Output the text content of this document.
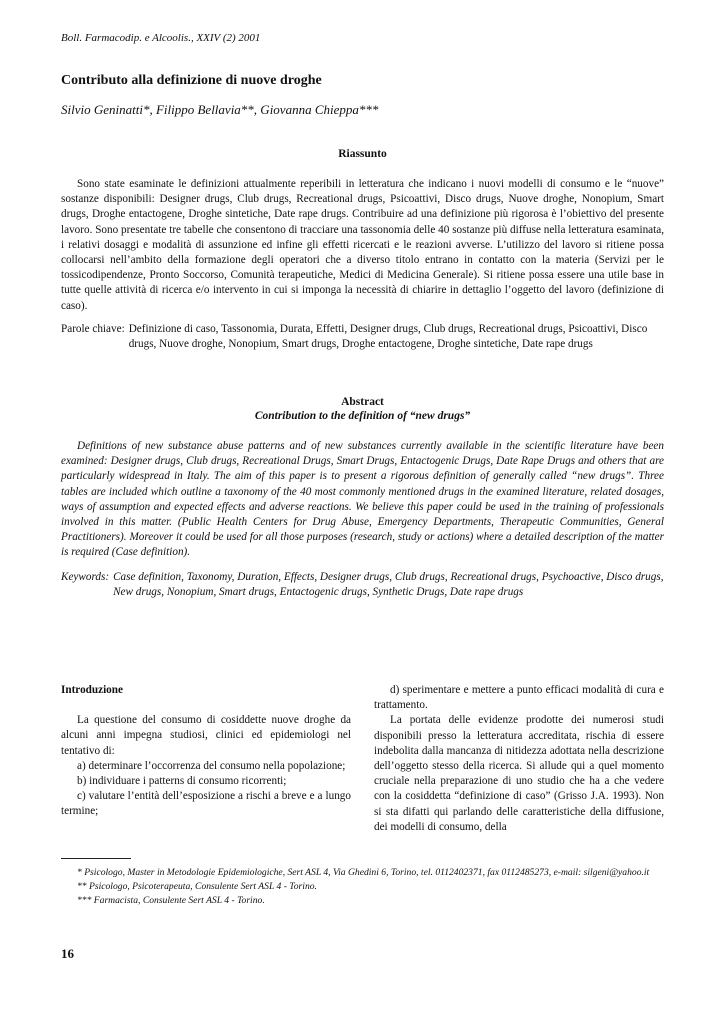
Boll. Farmacodip. e Alcoolis., XXIV (2) 2001
Contributo alla definizione di nuove droghe
Silvio Geninatti*, Filippo Bellavia**, Giovanna Chieppa***
Riassunto

Sono state esaminate le definizioni attualmente reperibili in letteratura che indicano i nuovi modelli di consumo e le “nuove” sostanze disponibili: Designer drugs, Club drugs, Recreational drugs, Psicoattivi, Disco drugs, Nuove droghe, Nonopium, Smart drugs, Droghe entactogene, Droghe sintetiche, Date rape drugs. Contribuire ad una definizione più rigorosa è l’obiettivo del presente lavoro. Sono presentate tre tabelle che consentono di tracciare una tassonomia delle 40 sostanze più diffuse nella letteratura esaminata, i relativi dosaggi e modalità di assunzione ed infine gli effetti ricercati e le reazioni avverse. L’utilizzo del lavoro si ritiene possa collocarsi nell’ambito della formazione degli operatori che a diverso titolo entrano in contatto con la materia (Servizi per le tossicodipendenze, Pronto Soccorso, Comunità terapeutiche, Medici di Medicina Generale). Si ritiene possa essere una utile base in tutte quelle attività di ricerca e/o intervento in cui si imponga la necessità di chiarire in dettaglio l’oggetto del lavoro (definizione di caso).

Parole chiave: Definizione di caso, Tassonomia, Durata, Effetti, Designer drugs, Club drugs, Recreational drugs, Psicoattivi, Disco drugs, Nuove droghe, Nonopium, Smart drugs, Droghe entactogene, Droghe sintetiche, Date rape drugs
Abstract
Contribution to the definition of “new drugs”

Definitions of new substance abuse patterns and of new substances currently available in the scientific literature have been examined: Designer drugs, Club drugs, Recreational Drugs, Smart Drugs, Entactogenic Drugs, Date Rape Drugs and others that are particularly widespread in Italy. The aim of this paper is to present a rigorous definition of generally called “new drugs”. Three tables are included which outline a taxonomy of the 40 most commonly mentioned drugs in the examined literature, related dosages, ways of assumption and expected effects and adverse reactions. We believe this paper could be used in the training of professionals involved in this matter. (Public Health Centers for Drug Abuse, Emergency Departments, Therapeutic Communities, General Practitioners). Moreover it could be used for all those purposes (research, study or actions) where a detailed description of the matter is required (Case definition).

Keywords: Case definition, Taxonomy, Duration, Effects, Designer drugs, Club drugs, Recreational drugs, Psychoactive, Disco drugs, New drugs, Nonopium, Smart drugs, Entactogenic drugs, Synthetic Drugs, Date rape drugs

Introduzione

La questione del consumo di cosiddette nuove droghe da alcuni anni impegna studiosi, clinici ed epidemiologi nel tentativo di:

a) determinare l’occorrenza del consumo nella popolazione;

b) individuare i patterns di consumo ricorrenti;

c) valutare l’entità dell’esposizione a rischi a breve e a lungo termine;

d) sperimentare e mettere a punto efficaci modalità di cura e trattamento.

La portata delle evidenze prodotte dei numerosi studi disponibili presso la letteratura accreditata, rischia di essere indebolita dalla mancanza di nitidezza adottata nella descrizione dell’oggetto stesso della ricerca. Si allude qui a quel momento cruciale nella preparazione di uno studio che ha a che vedere con la cosiddetta “definizione di caso” (Grisso J.A. 1993). Non si sta difatti qui parlando delle caratteristiche della diffusione, dei modelli di consumo, della

* Psicologo, Master in Metodologie Epidemiologiche, Sert ASL 4, Via Ghedini 6, Torino, tel. 0112402371, fax 0112485273, e-mail: silgeni@yahoo.it

** Psicologo, Psicoterapeuta, Consulente Sert ASL 4 - Torino.

*** Farmacista, Consulente Sert ASL 4 - Torino.

16
